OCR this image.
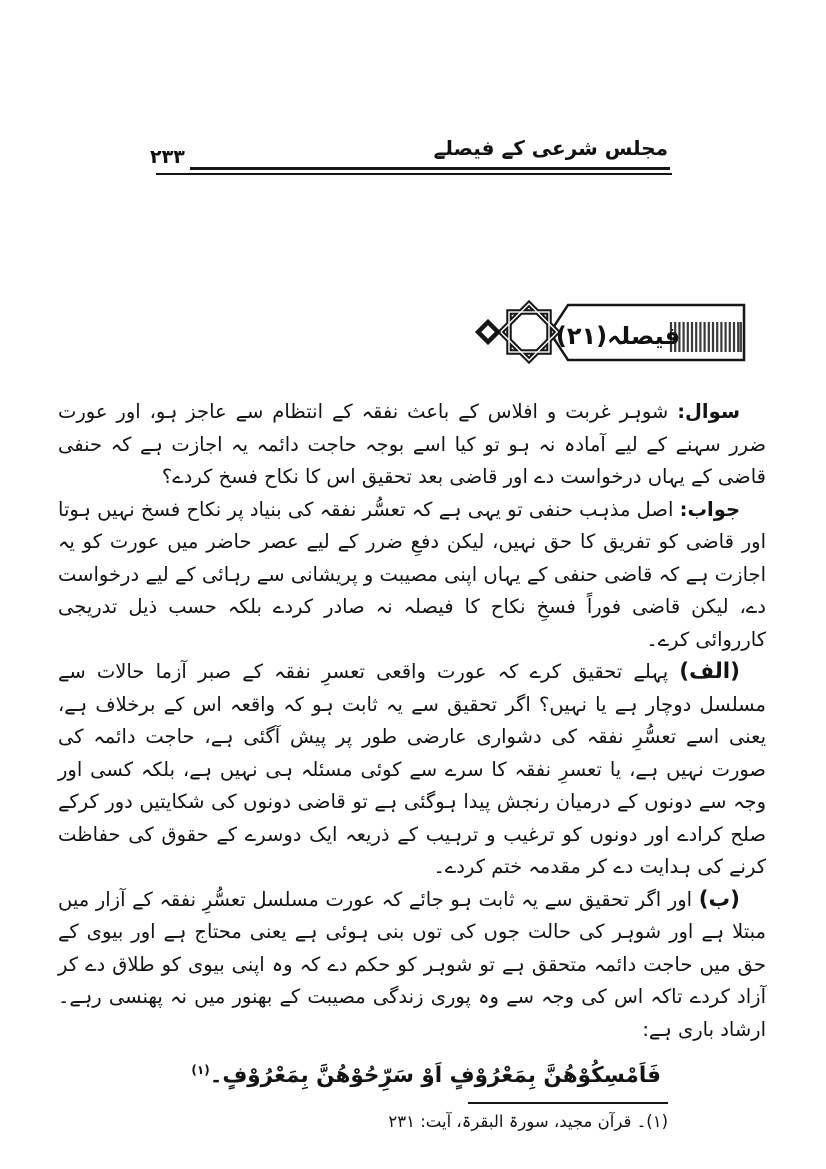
مجلس شرعی کے فیصلے
۲۳۳
فیصلہ(۲۱)

سوال: شوہر غربت و افلاس کے باعث نفقہ کے انتظام سے عاجز ہو، اور عورت ضرر سہنے کے لیے آمادہ نہ ہو تو کیا اسے بوجہ حاجت دائمہ یہ اجازت ہے کہ حنفی قاضی کے یہاں درخواست دے اور قاضی بعد تحقیق اس کا نکاح فسخ کردے؟

جواب: اصل مذہب حنفی تو یہی ہے کہ تعسُّر نفقہ کی بنیاد پر نکاح فسخ نہیں ہوتا اور قاضی کو تفریق کا حق نہیں، لیکن دفعِ ضرر کے لیے عصر حاضر میں عورت کو یہ اجازت ہے کہ قاضی حنفی کے یہاں اپنی مصیبت و پریشانی سے رہائی کے لیے درخواست دے، لیکن قاضی فوراً فسخِ نکاح کا فیصلہ نہ صادر کردے بلکہ حسب ذیل تدریجی کارروائی کرے۔

(الف) پہلے تحقیق کرے کہ عورت واقعی تعسرِ نفقہ کے صبر آزما حالات سے مسلسل دوچار ہے یا نہیں؟ اگر تحقیق سے یہ ثابت ہو کہ واقعہ اس کے برخلاف ہے، یعنی اسے تعسُّرِ نفقہ کی دشواری عارضی طور پر پیش آگئی ہے، حاجت دائمہ کی صورت نہیں ہے، یا تعسرِ نفقہ کا سرے سے کوئی مسئلہ ہی نہیں ہے، بلکہ کسی اور وجہ سے دونوں کے درمیان رنجش پیدا ہوگئی ہے تو قاضی دونوں کی شکایتیں دور کرکے صلح کرادے اور دونوں کو ترغیب و ترہیب کے ذریعہ ایک دوسرے کے حقوق کی حفاظت کرنے کی ہدایت دے کر مقدمہ ختم کردے۔

(ب) اور اگر تحقیق سے یہ ثابت ہو جائے کہ عورت مسلسل تعسُّرِ نفقہ کے آزار میں مبتلا ہے اور شوہر کی حالت جوں کی توں بنی ہوئی ہے یعنی محتاج ہے اور بیوی کے حق میں حاجت دائمہ متحقق ہے تو شوہر کو حکم دے کہ وہ اپنی بیوی کو طلاق دے کر آزاد کردے تاکہ اس کی وجہ سے وہ پوری زندگی مصیبت کے بھنور میں نہ پھنسی رہے۔ ارشاد باری ہے:

فَاَمْسِكُوْهُنَّ بِمَعْرُوْفٍ اَوْ سَرِّحُوْهُنَّ بِمَعْرُوْفٍ۔$^{(۱)}$

(۱)۔ قرآن مجید، سورۃ البقرۃ، آیت: ۲۳۱
